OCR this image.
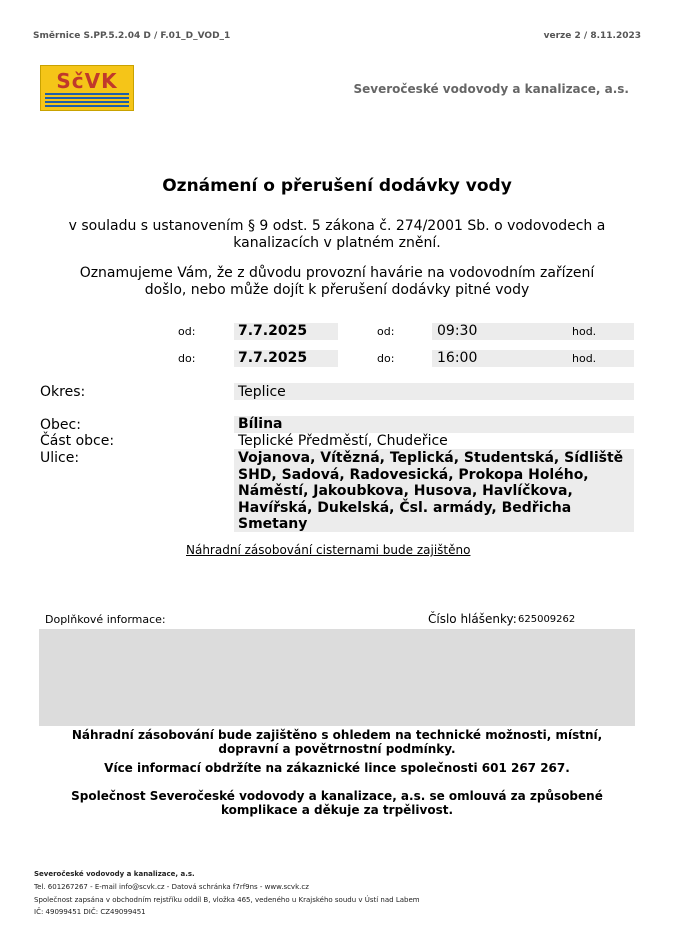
Směrnice S.PP.5.2.04 D / F.01_D_VOD_1	verze 2 / 8.11.2023
SčVK	Severočeské vodovody a kanalizace, a.s.
Oznámení o přerušení dodávky vody
v souladu s ustanovením § 9 odst. 5 zákona č. 274/2001 Sb. o vodovodech a kanalizacích v platném znění.
Oznamujeme Vám, že z důvodu provozní havárie na vodovodním zařízení došlo, nebo může dojít k přerušení dodávky pitné vody
od:	7.7.2025	od:	09:30	hod.
do:	7.7.2025	do:	16:00	hod.
Okres:	Teplice
Obec:	Bílina
Část obce:	Teplické Předměstí, Chudeřice
Ulice:	Vojanova, Vítězná, Teplická, Studentská, Sídliště SHD, Sadová, Radovesická, Prokopa Holého, Náměstí, Jakoubkova, Husova, Havlíčkova, Havířská, Dukelská, Čsl. armády, Bedřicha Smetany
Náhradní zásobování cisternami bude zajištěno
Doplňkové informace:	Číslo hlášenky: 625009262
Náhradní zásobování bude zajištěno s ohledem na technické možnosti, místní, dopravní a povětrnostní podmínky.
Více informací obdržíte na zákaznické lince společnosti 601 267 267.
Společnost Severočeské vodovody a kanalizace, a.s. se omlouvá za způsobené komplikace a děkuje za trpělivost.
Severočeské vodovody a kanalizace, a.s.
Tel. 601267267 - E-mail info@scvk.cz - Datová schránka f7rf9ns - www.scvk.cz
Společnost zapsána v obchodním rejstříku oddíl B, vložka 465, vedeného u Krajského soudu v Ústí nad Labem
IČ: 49099451 DIČ: CZ49099451
